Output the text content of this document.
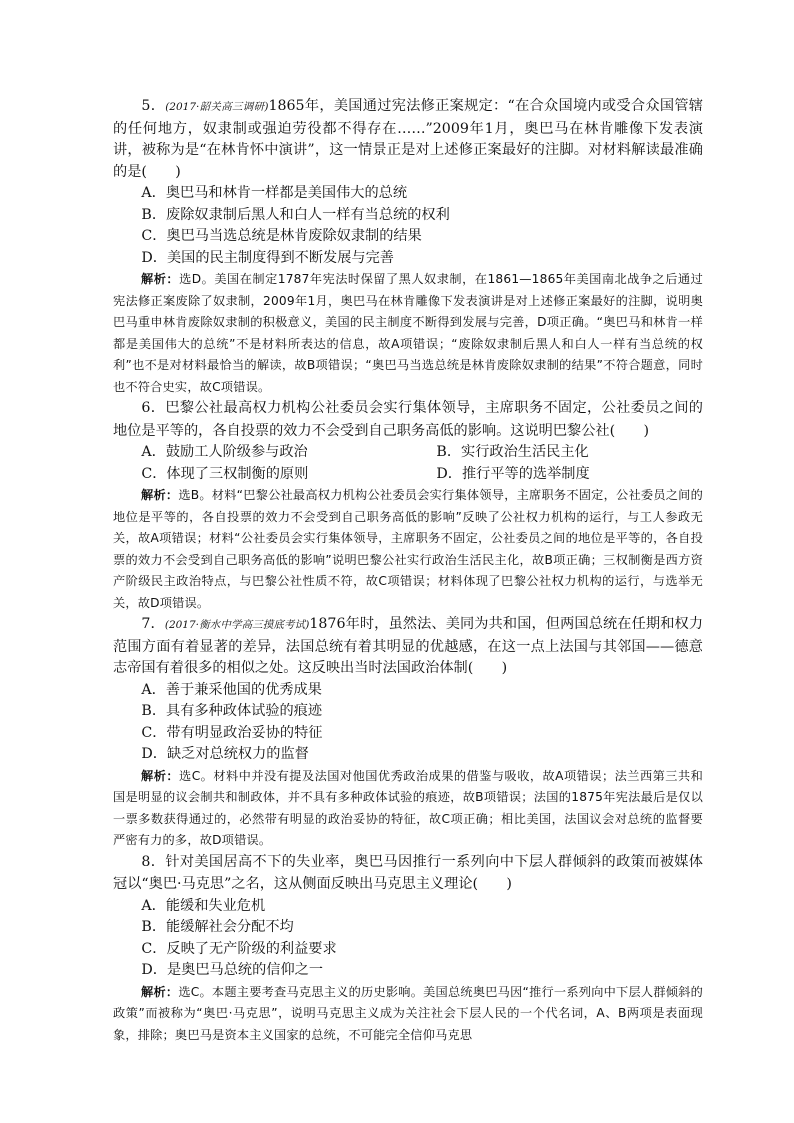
5．(2017·韶关高三调研)1865年，美国通过宪法修正案规定：“在合众国境内或受合众国管辖的任何地方，奴隶制或强迫劳役都不得存在……”2009年1月，奥巴马在林肯雕像下发表演讲，被称为是“在林肯怀中演讲”，这一情景正是对上述修正案最好的注脚。对材料解读最准确的是(　　)
A．奥巴马和林肯一样都是美国伟大的总统
B．废除奴隶制后黑人和白人一样有当总统的权利
C．奥巴马当选总统是林肯废除奴隶制的结果
D．美国的民主制度得到不断发展与完善
解析：选D。美国在制定1787年宪法时保留了黑人奴隶制，在1861—1865年美国南北战争之后通过宪法修正案废除了奴隶制，2009年1月，奥巴马在林肯雕像下发表演讲是对上述修正案最好的注脚，说明奥巴马重申林肯废除奴隶制的积极意义，美国的民主制度不断得到发展与完善，D项正确。“奥巴马和林肯一样都是美国伟大的总统”不是材料所表达的信息，故A项错误；“废除奴隶制后黑人和白人一样有当总统的权利”也不是对材料最恰当的解读，故B项错误；“奥巴马当选总统是林肯废除奴隶制的结果”不符合题意，同时也不符合史实，故C项错误。
6．巴黎公社最高权力机构公社委员会实行集体领导，主席职务不固定，公社委员之间的地位是平等的，各自投票的效力不会受到自己职务高低的影响。这说明巴黎公社(　　)
A．鼓励工人阶级参与政治	B．实行政治生活民主化
C．体现了三权制衡的原则	D．推行平等的选举制度
解析：选B。材料“巴黎公社最高权力机构公社委员会实行集体领导，主席职务不固定，公社委员之间的地位是平等的，各自投票的效力不会受到自己职务高低的影响”反映了公社权力机构的运行，与工人参政无关，故A项错误；材料“公社委员会实行集体领导，主席职务不固定，公社委员之间的地位是平等的，各自投票的效力不会受到自己职务高低的影响”说明巴黎公社实行政治生活民主化，故B项正确；三权制衡是西方资产阶级民主政治特点，与巴黎公社性质不符，故C项错误；材料体现了巴黎公社权力机构的运行，与选举无关，故D项错误。
7．(2017·衡水中学高三摸底考试)1876年时，虽然法、美同为共和国，但两国总统在任期和权力范围方面有着显著的差异，法国总统有着其明显的优越感，在这一点上法国与其邻国——德意志帝国有着很多的相似之处。这反映出当时法国政治体制(　　)
A．善于兼采他国的优秀成果
B．具有多种政体试验的痕迹
C．带有明显政治妥协的特征
D．缺乏对总统权力的监督
解析：选C。材料中并没有提及法国对他国优秀政治成果的借鉴与吸收，故A项错误；法兰西第三共和国是明显的议会制共和制政体，并不具有多种政体试验的痕迹，故B项错误；法国的1875年宪法最后是仅以一票多数获得通过的，必然带有明显的政治妥协的特征，故C项正确；相比美国，法国议会对总统的监督要严密有力的多，故D项错误。
8．针对美国居高不下的失业率，奥巴马因推行一系列向中下层人群倾斜的政策而被媒体冠以“奥巴·马克思”之名，这从侧面反映出马克思主义理论(　　)
A．能缓和失业危机
B．能缓解社会分配不均
C．反映了无产阶级的利益要求
D．是奥巴马总统的信仰之一
解析：选C。本题主要考查马克思主义的历史影响。美国总统奥巴马因“推行一系列向中下层人群倾斜的政策”而被称为“奥巴·马克思”，说明马克思主义成为关注社会下层人民的一个代名词，A、B两项是表面现象，排除；奥巴马是资本主义国家的总统，不可能完全信仰马克思
